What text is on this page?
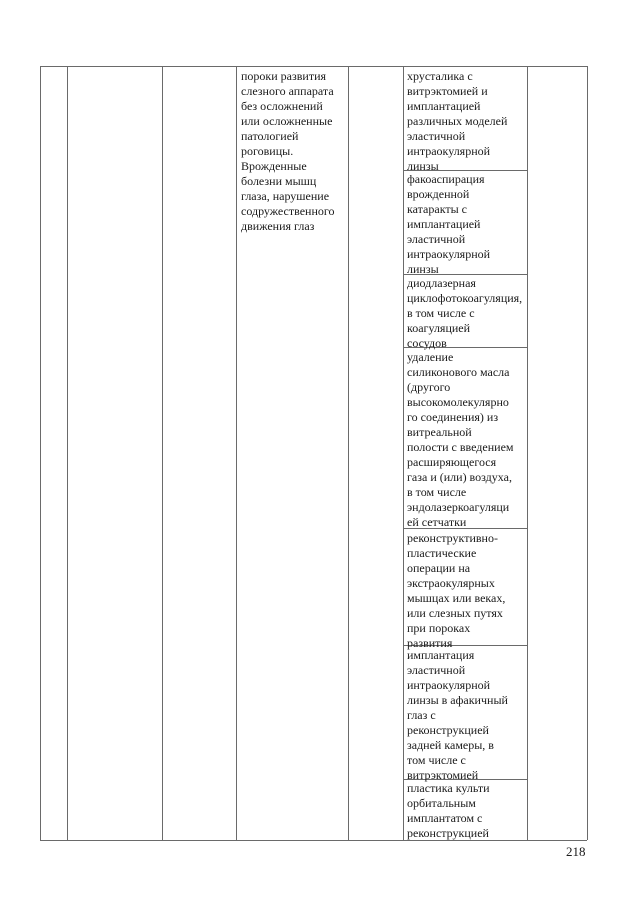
пороки развития
слезного аппарата
без осложнений
или осложненные
патологией
роговицы.
Врожденные
болезни мышц
глаза, нарушение
содружественного
движения глаз

хрусталика с
витрэктомией и
имплантацией
различных моделей
эластичной
интраокулярной
линзы

факоаспирация
врожденной
катаракты с
имплантацией
эластичной
интраокулярной
линзы

диодлазерная циклофотокоагуляция,
в том числе с
коагуляцией
сосудов

удаление
силиконового масла
(другого
высокомолекулярно
го соединения) из
витреальной
полости с введением
расширяющегося
газа и (или) воздуха,
в том числе
эндолазеркоагуляци
ей сетчатки

реконструктивно-
пластические
операции на
экстраокулярных
мышцах или веках,
или слезных путях
при пороках
развития

имплантация
эластичной
интраокулярной
линзы в афакичный
глаз с
реконструкцией
задней камеры, в
том числе с
витрэктомией

пластика культи
орбитальным
имплантатом с
реконструкцией

218
